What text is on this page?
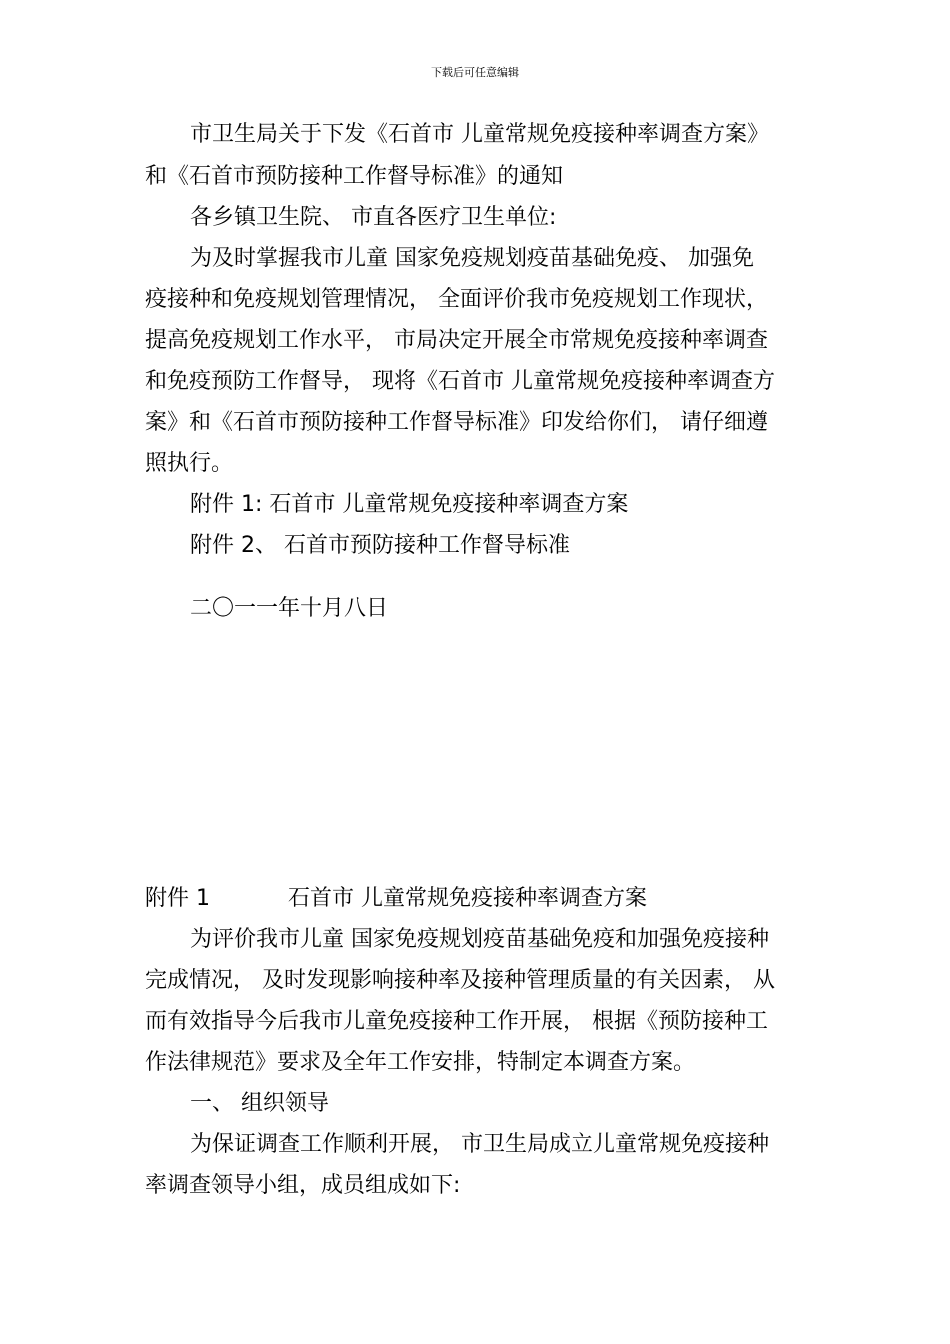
下载后可任意编辑
市卫生局关于下发《石首市 儿童常规免疫接种率调查方案》
和《石首市预防接种工作督导标准》的通知
各乡镇卫生院、 市直各医疗卫生单位:
为及时掌握我市儿童 国家免疫规划疫苗基础免疫、 加强免
疫接种和免疫规划管理情况， 全面评价我市免疫规划工作现状，
提高免疫规划工作水平， 市局决定开展全市常规免疫接种率调查
和免疫预防工作督导， 现将《石首市 儿童常规免疫接种率调查方
案》和《石首市预防接种工作督导标准》印发给你们， 请仔细遵
照执行。
附件 1: 石首市 儿童常规免疫接种率调查方案
附件 2、 石首市预防接种工作督导标准
二〇一一年十月八日
附件 1	石首市 儿童常规免疫接种率调查方案
为评价我市儿童 国家免疫规划疫苗基础免疫和加强免疫接种
完成情况， 及时发现影响接种率及接种管理质量的有关因素， 从
而有效指导今后我市儿童免疫接种工作开展， 根据《预防接种工
作法律规范》要求及全年工作安排，特制定本调查方案。
一、 组织领导
为保证调查工作顺利开展， 市卫生局成立儿童常规免疫接种
率调查领导小组，成员组成如下:
